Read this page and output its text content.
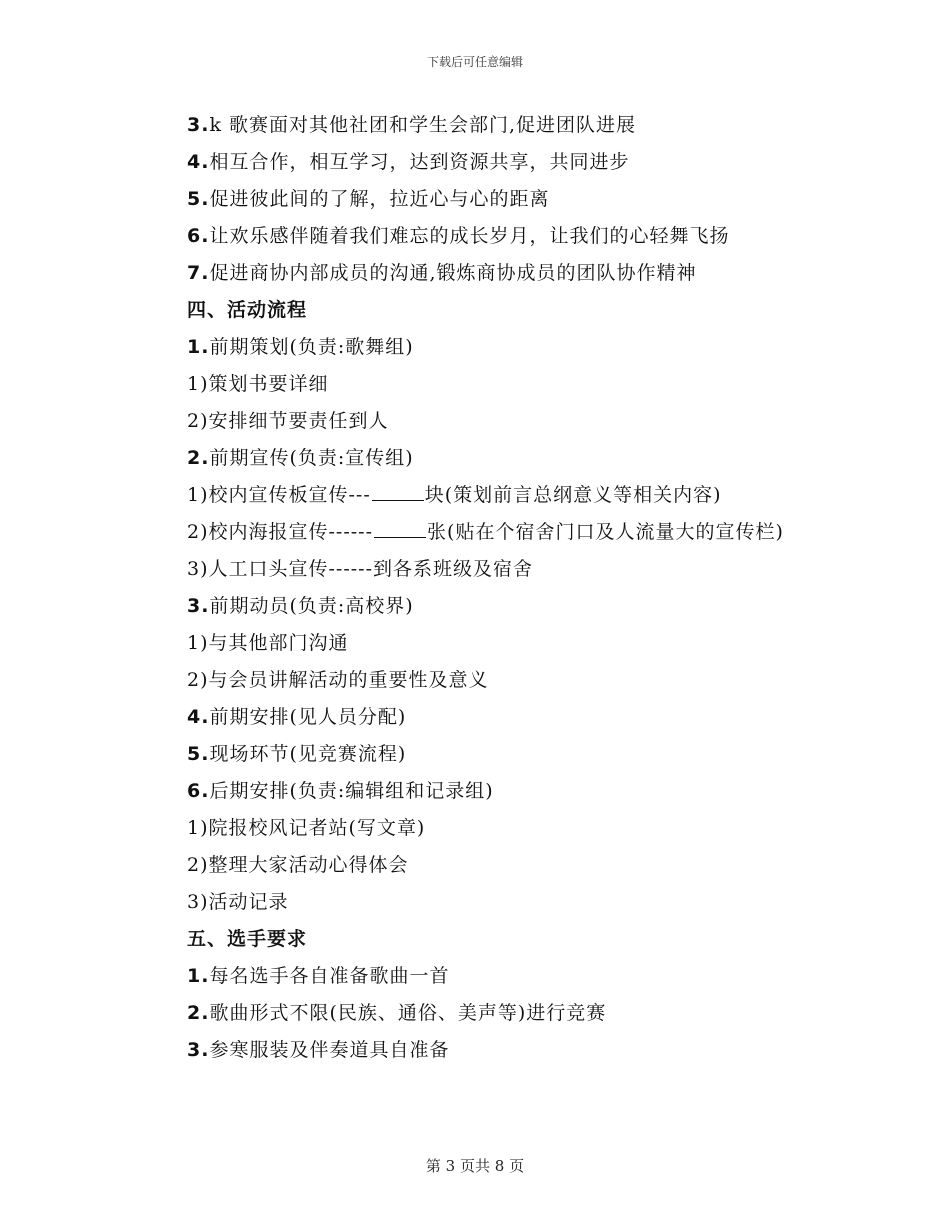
下载后可任意编辑
3.k 歌赛面对其他社团和学生会部门,促进团队进展
4.相互合作，相互学习，达到资源共享，共同进步
5.促进彼此间的了解，拉近心与心的距离
6.让欢乐感伴随着我们难忘的成长岁月，让我们的心轻舞飞扬
7.促进商协内部成员的沟通,锻炼商协成员的团队协作精神
四、活动流程
1.前期策划(负责:歌舞组)
1)策划书要详细
2)安排细节要责任到人
2.前期宣传(负责:宣传组)
1)校内宣传板宣传---	块(策划前言总纲意义等相关内容)
2)校内海报宣传------	张(贴在个宿舍门口及人流量大的宣传栏)
3)人工口头宣传------到各系班级及宿舍
3.前期动员(负责:高校界)
1)与其他部门沟通
2)与会员讲解活动的重要性及意义
4.前期安排(见人员分配)
5.现场环节(见竞赛流程)
6.后期安排(负责:编辑组和记录组)
1)院报校风记者站(写文章)
2)整理大家活动心得体会
3)活动记录
五、选手要求
1.每名选手各自准备歌曲一首
2.歌曲形式不限(民族、通俗、美声等)进行竞赛
3.参寒服装及伴奏道具自准备
第 3 页共 8 页
